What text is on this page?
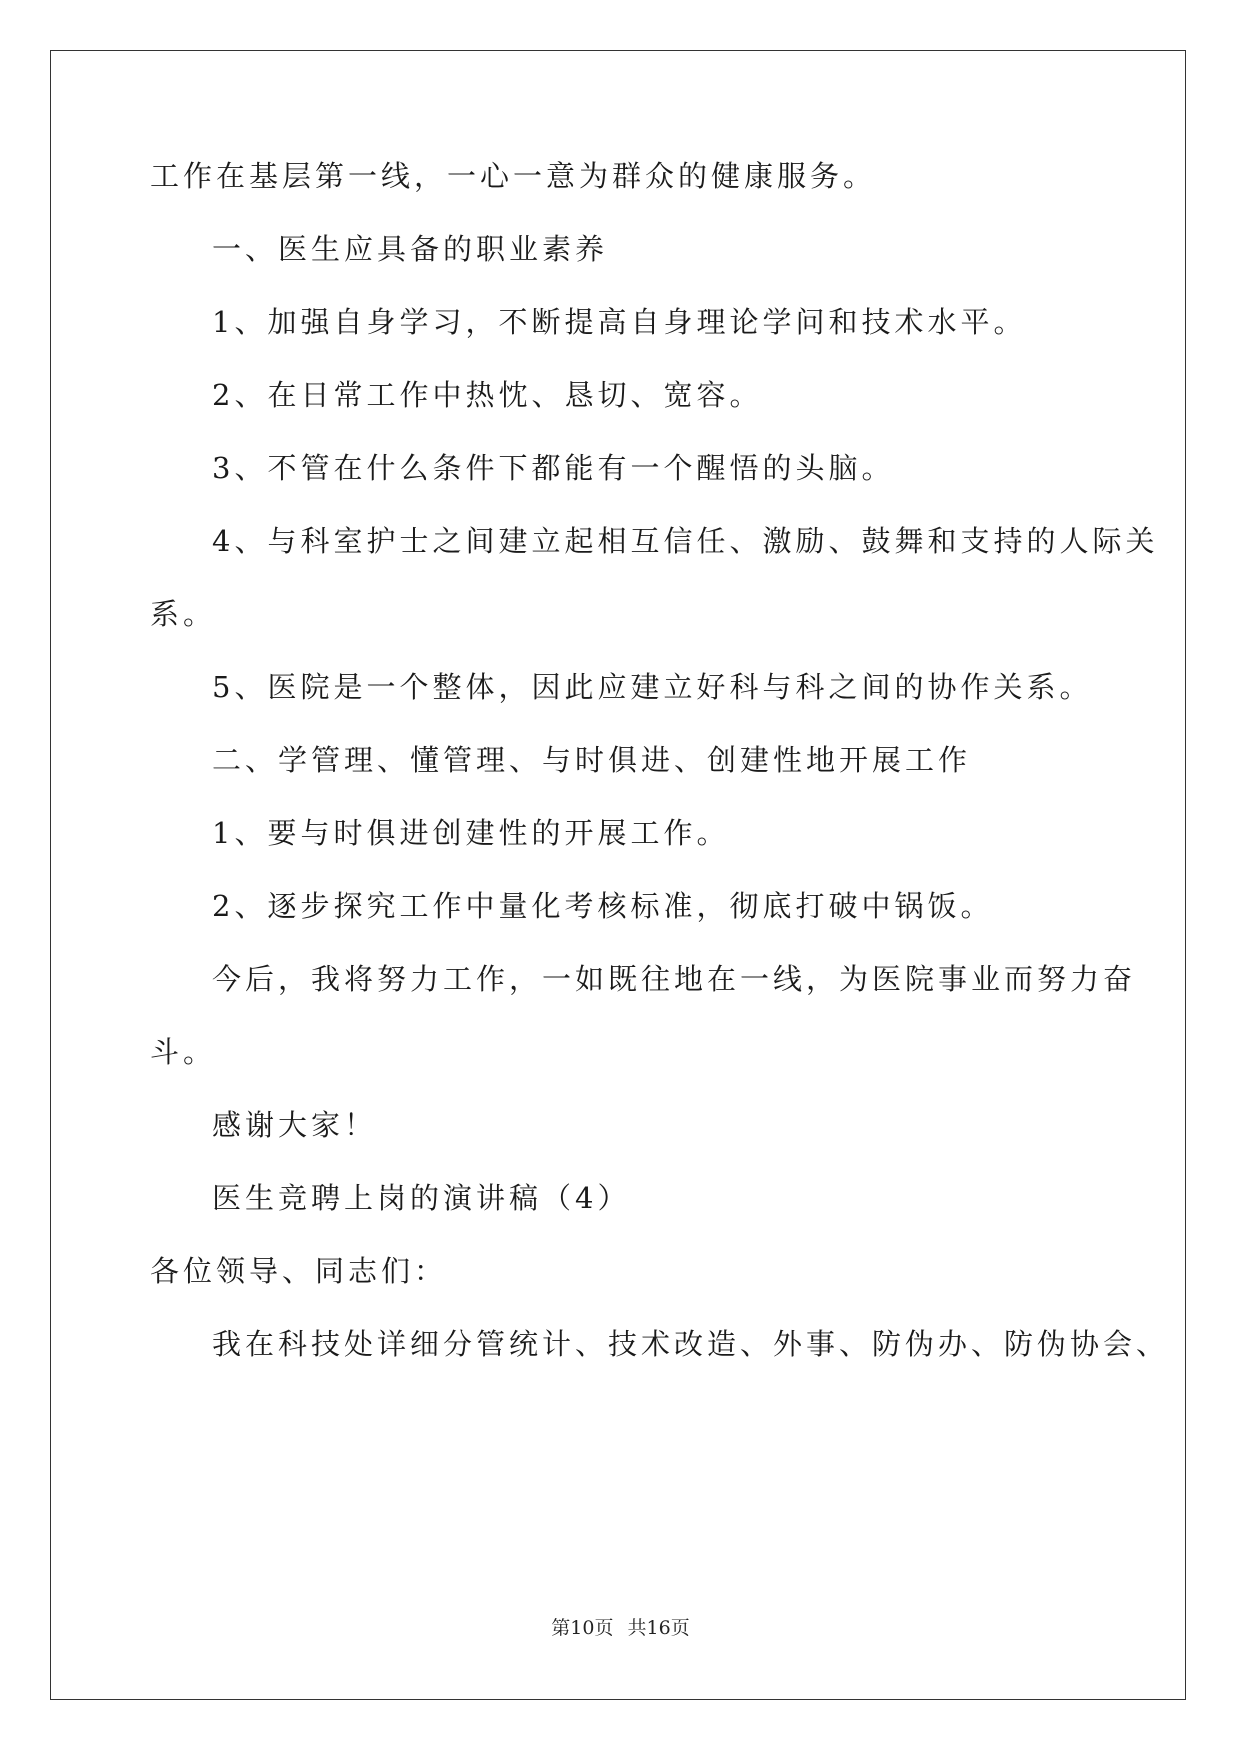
工作在基层第一线，一心一意为群众的健康服务。
一、医生应具备的职业素养
1、加强自身学习，不断提高自身理论学问和技术水平。
2、在日常工作中热忱、恳切、宽容。
3、不管在什么条件下都能有一个醒悟的头脑。
4、与科室护士之间建立起相互信任、激励、鼓舞和支持的人际关
系。
5、医院是一个整体，因此应建立好科与科之间的协作关系。
二、学管理、懂管理、与时俱进、创建性地开展工作
1、要与时俱进创建性的开展工作。
2、逐步探究工作中量化考核标准，彻底打破中锅饭。
今后，我将努力工作，一如既往地在一线，为医院事业而努力奋
斗。
感谢大家！
医生竞聘上岗的演讲稿（4）
各位领导、同志们：
我在科技处详细分管统计、技术改造、外事、防伪办、防伪协会、
第10页 共16页
